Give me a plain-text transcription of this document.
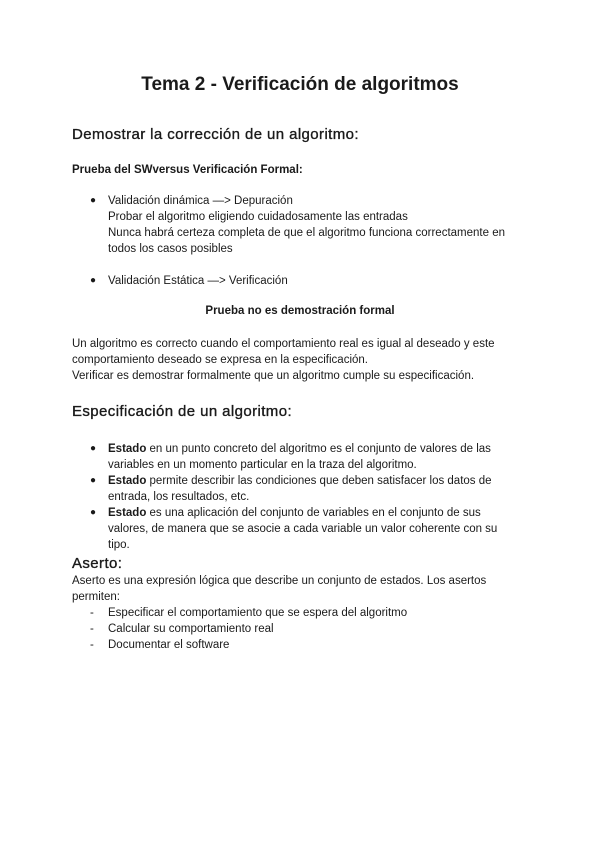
Tema 2 - Verificación de algoritmos
Demostrar la corrección de un algoritmo:
Prueba del SWversus Verificación Formal:
● Validación dinámica —> Depuración
Probar el algoritmo eligiendo cuidadosamente las entradas
Nunca habrá certeza completa de que el algoritmo funciona correctamente en
todos los casos posibles
● Validación Estática —> Verificación

Prueba no es demostración formal

Un algoritmo es correcto cuando el comportamiento real es igual al deseado y este
comportamiento deseado se expresa en la especificación.
Verificar es demostrar formalmente que un algoritmo cumple su especificación.

Especificación de un algoritmo:
● Estado en un punto concreto del algoritmo es el conjunto de valores de las
variables en un momento particular en la traza del algoritmo.
● Estado permite describir las condiciones que deben satisfacer los datos de
entrada, los resultados, etc.
● Estado es una aplicación del conjunto de variables en el conjunto de sus
valores, de manera que se asocie a cada variable un valor coherente con su
tipo.
Aserto:

Aserto es una expresión lógica que describe un conjunto de estados. Los asertos
permiten:

- Especificar el comportamiento que se espera del algoritmo
- Calcular su comportamiento real
- Documentar el software
